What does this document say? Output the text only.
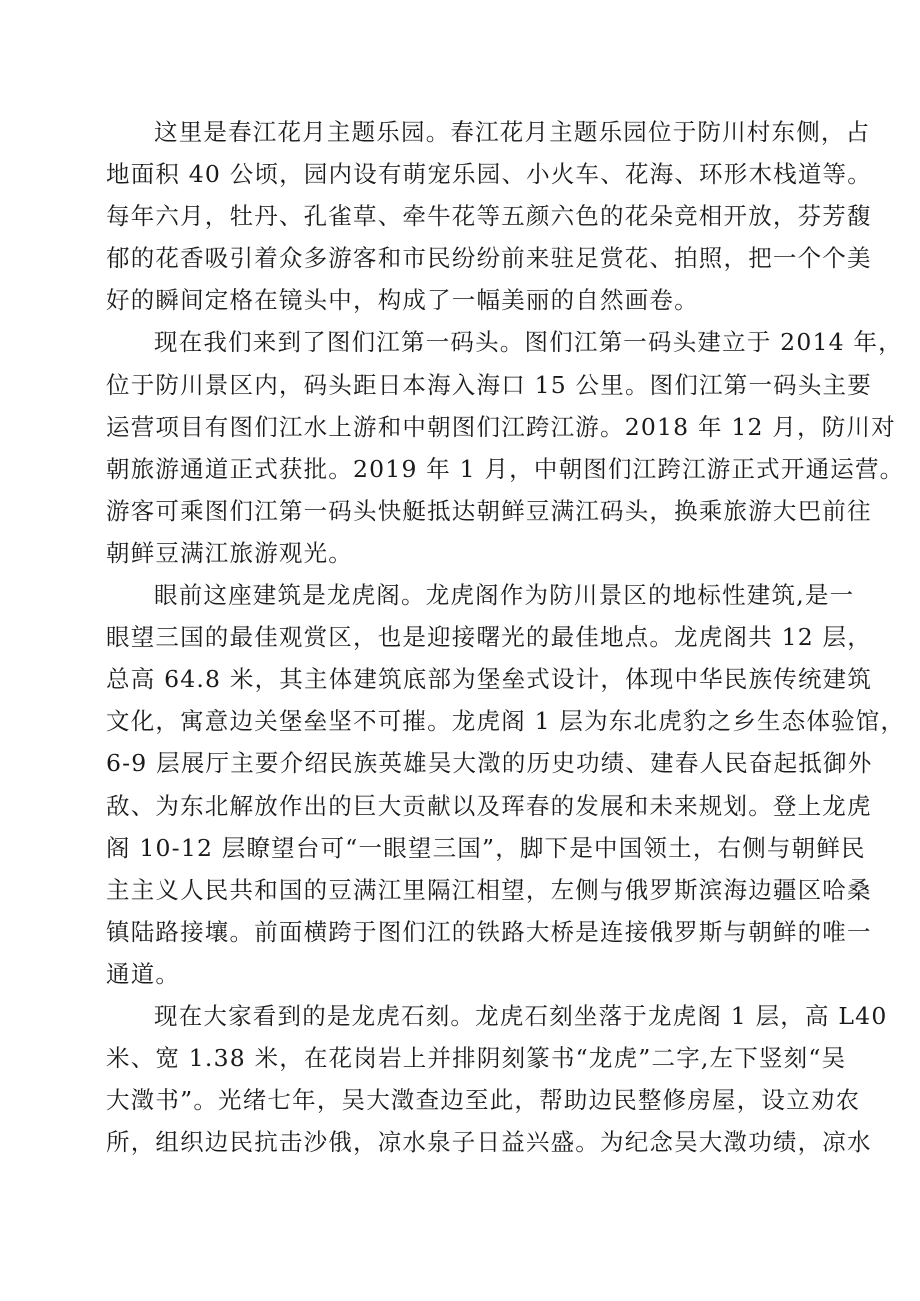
这里是春江花月主题乐园。春江花月主题乐园位于防川村东侧，占
地面积 40 公顷，园内设有萌宠乐园、小火车、花海、环形木栈道等。
每年六月，牡丹、孔雀草、牵牛花等五颜六色的花朵竞相开放，芬芳馥
郁的花香吸引着众多游客和市民纷纷前来驻足赏花、拍照，把一个个美
好的瞬间定格在镜头中，构成了一幅美丽的自然画卷。

现在我们来到了图们江第一码头。图们江第一码头建立于 2014 年，
位于防川景区内，码头距日本海入海口 15 公里。图们江第一码头主要
运营项目有图们江水上游和中朝图们江跨江游。2018 年 12 月，防川对
朝旅游通道正式获批。2019 年 1 月，中朝图们江跨江游正式开通运营。
游客可乘图们江第一码头快艇抵达朝鲜豆满江码头，换乘旅游大巴前往
朝鲜豆满江旅游观光。

眼前这座建筑是龙虎阁。龙虎阁作为防川景区的地标性建筑,是一
眼望三国的最佳观赏区，也是迎接曙光的最佳地点。龙虎阁共 12 层，
总高 64.8 米，其主体建筑底部为堡垒式设计，体现中华民族传统建筑
文化，寓意边关堡垒坚不可摧。龙虎阁 1 层为东北虎豹之乡生态体验馆，
6-9 层展厅主要介绍民族英雄吴大澂的历史功绩、建春人民奋起抵御外
敌、为东北解放作出的巨大贡献以及珲春的发展和未来规划。登上龙虎
阁 10-12 层瞭望台可“一眼望三国”，脚下是中国领土，右侧与朝鲜民
主主义人民共和国的豆满江里隔江相望，左侧与俄罗斯滨海边疆区哈桑
镇陆路接壤。前面横跨于图们江的铁路大桥是连接俄罗斯与朝鲜的唯一
通道。

现在大家看到的是龙虎石刻。龙虎石刻坐落于龙虎阁 1 层，高 L40
米、宽 1.38 米，在花岗岩上并排阴刻篆书“龙虎”二字,左下竖刻“吴
大澂书”。光绪七年，吴大澂查边至此，帮助边民整修房屋，设立劝农
所，组织边民抗击沙俄，凉水泉子日益兴盛。为纪念吴大澂功绩，凉水
